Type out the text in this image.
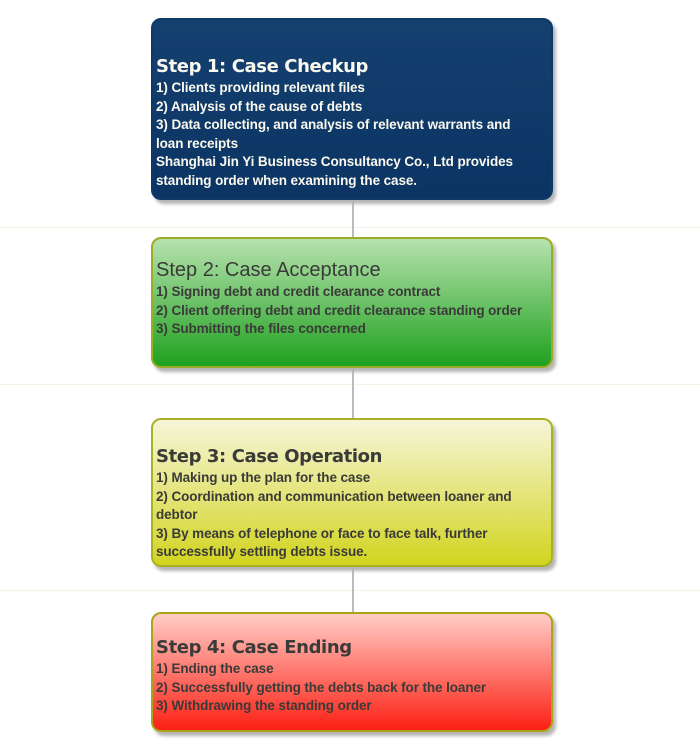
Step 1: Case Checkup
1) Clients providing relevant files
2) Analysis of the cause of debts
3) Data collecting, and analysis of relevant warrants and loan receipts
Shanghai Jin Yi Business Consultancy Co., Ltd provides standing order when examining the case.
Step 2: Case Acceptance
1) Signing debt and credit clearance contract
2) Client offering debt and credit clearance standing order
3) Submitting the files concerned
Step 3: Case Operation
1) Making up the plan for the case
2) Coordination and communication between loaner and debtor
3) By means of telephone or face to face talk, further successfully settling debts issue.
Step 4: Case Ending
1) Ending the case
2) Successfully getting the debts back for the loaner
3) Withdrawing the standing order
